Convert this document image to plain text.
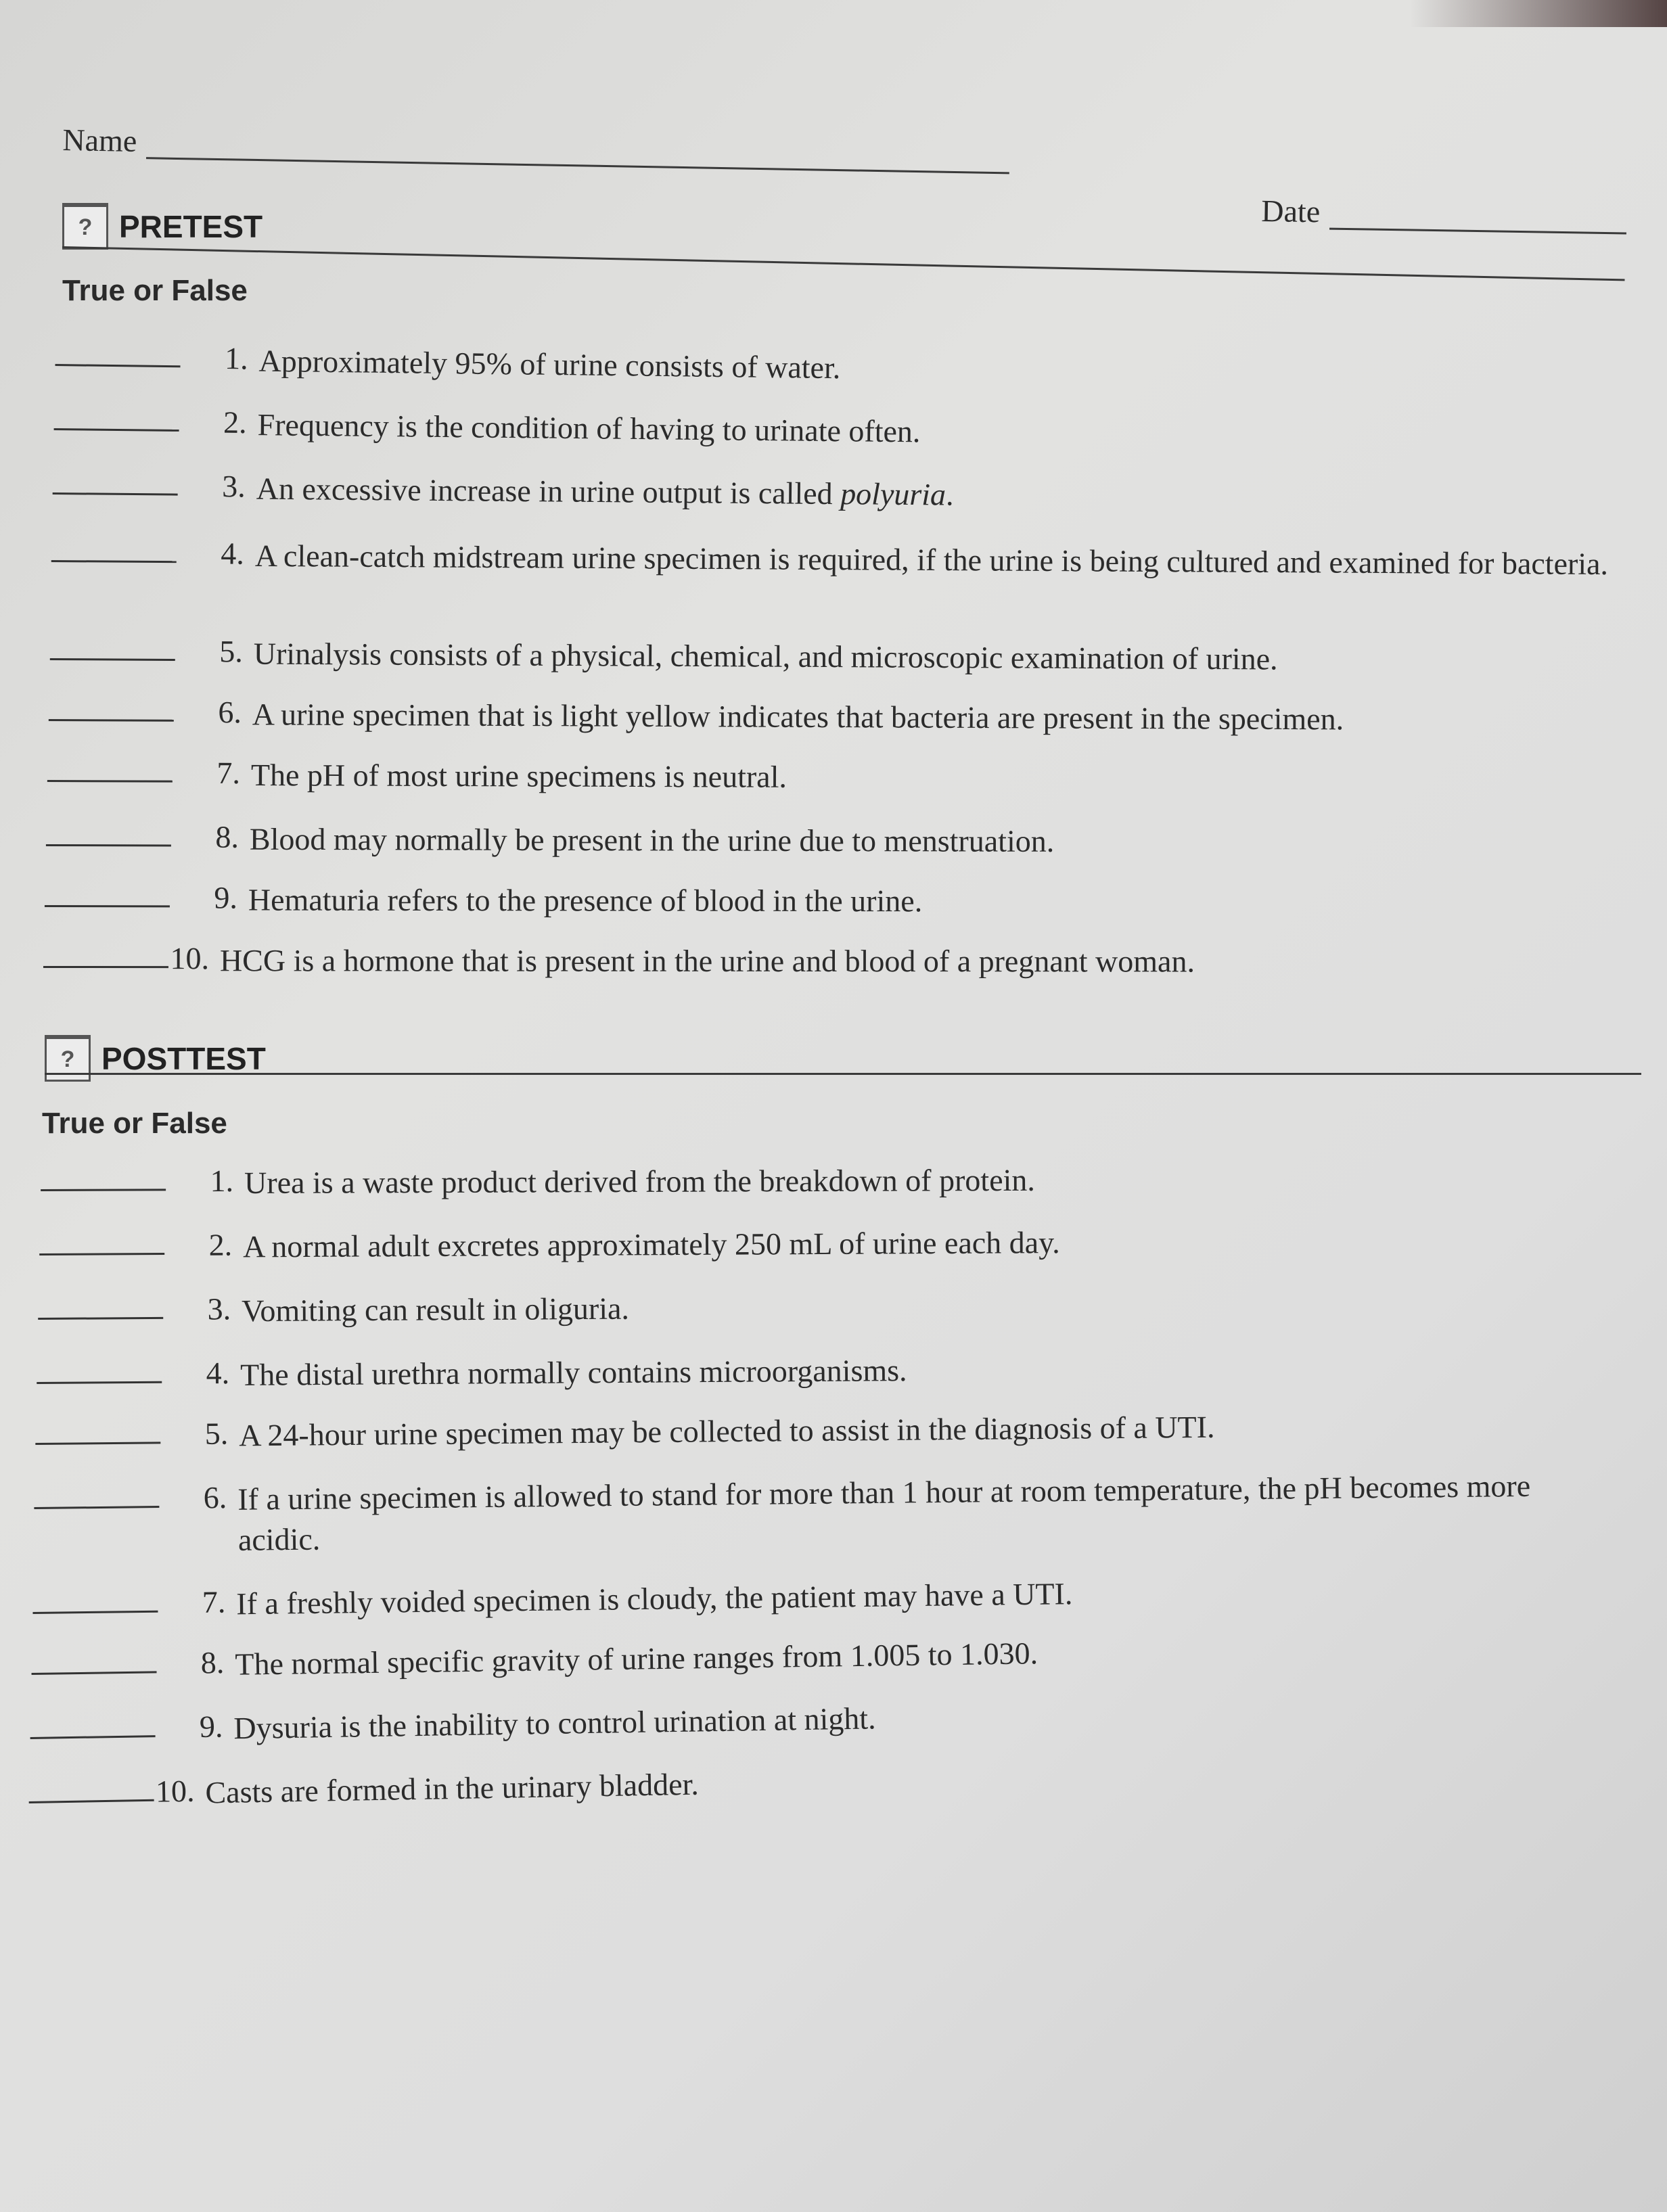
Name
Date
? PRETEST
True or False
1. Approximately 95% of urine consists of water.
2. Frequency is the condition of having to urinate often.
3. An excessive increase in urine output is called polyuria.
4. A clean-catch midstream urine specimen is required, if the urine is being cultured and examined for bacteria.
5. Urinalysis consists of a physical, chemical, and microscopic examination of urine.
6. A urine specimen that is light yellow indicates that bacteria are present in the specimen.
7. The pH of most urine specimens is neutral.
8. Blood may normally be present in the urine due to menstruation.
9. Hematuria refers to the presence of blood in the urine.
10. HCG is a hormone that is present in the urine and blood of a pregnant woman.
? POSTTEST
True or False
1. Urea is a waste product derived from the breakdown of protein.
2. A normal adult excretes approximately 250 mL of urine each day.
3. Vomiting can result in oliguria.
4. The distal urethra normally contains microorganisms.
5. A 24-hour urine specimen may be collected to assist in the diagnosis of a UTI.
6. If a urine specimen is allowed to stand for more than 1 hour at room temperature, the pH becomes more acidic.
7. If a freshly voided specimen is cloudy, the patient may have a UTI.
8. The normal specific gravity of urine ranges from 1.005 to 1.030.
9. Dysuria is the inability to control urination at night.
10. Casts are formed in the urinary bladder.
